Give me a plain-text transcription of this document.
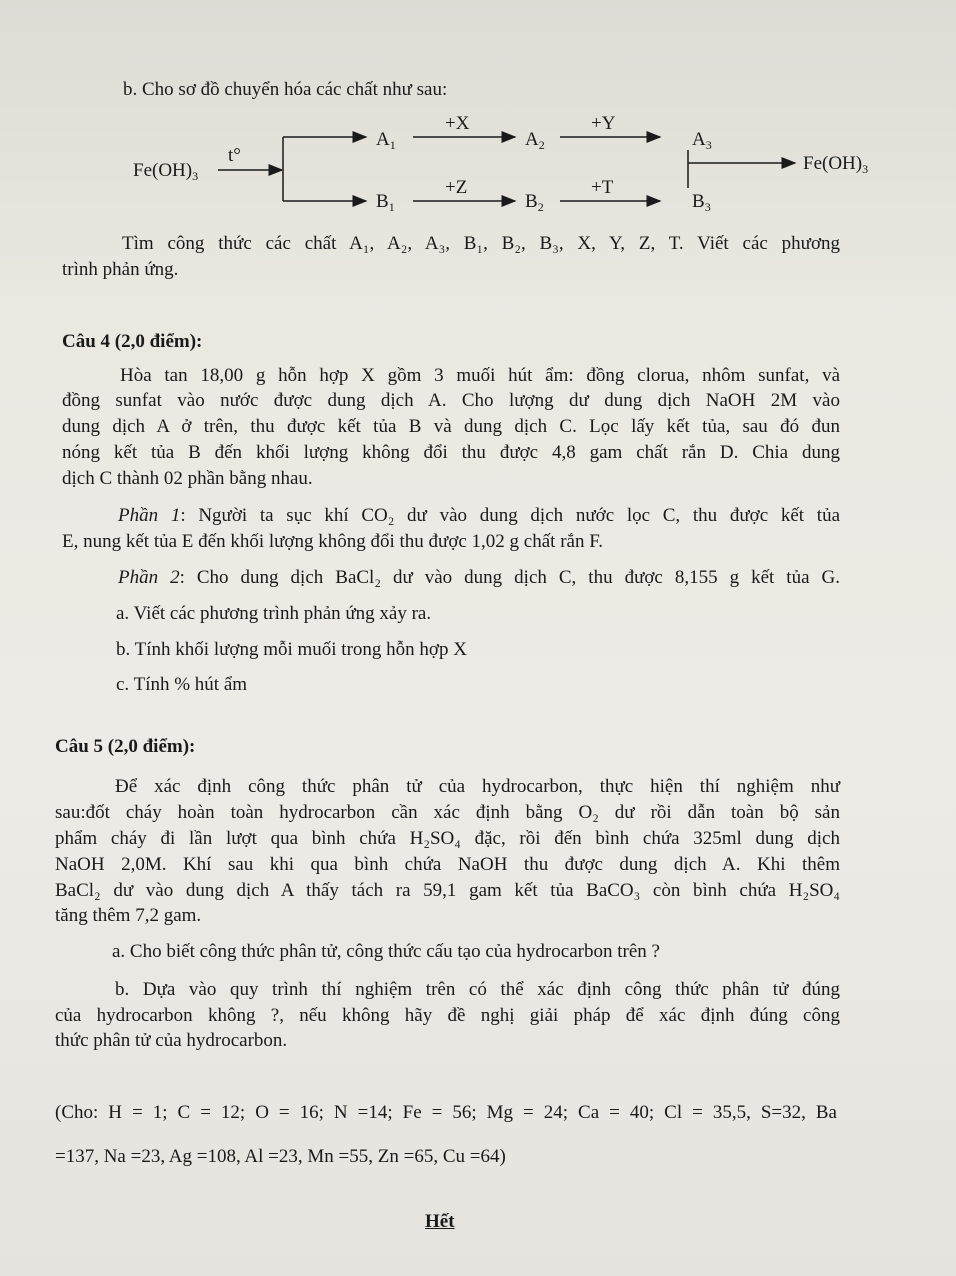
b. Cho sơ đồ chuyển hóa các chất như sau:
$Fe(OH)_3$
t°
$A_1$	$A_2$	$A_3$
$B_1$	$B_2$	$B_3$
+X	+Y
+Z	+T
$Fe(OH)_3$
Tìm công thức các chất A₁, A₂, A₃, B₁, B₂, B₃, X, Y, Z, T. Viết các phương
trình phản ứng.
Câu 4 (2,0 điểm):
Hòa tan 18,00 g hỗn hợp X gồm 3 muối hút ẩm: đồng clorua, nhôm sunfat, và
đồng sunfat vào nước được dung dịch A. Cho lượng dư dung dịch NaOH 2M vào
dung dịch A ở trên, thu được kết tủa B và dung dịch C. Lọc lấy kết tủa, sau đó đun
nóng kết tủa B đến khối lượng không đổi thu được 4,8 gam chất rắn D. Chia dung
dịch C thành 02 phần bằng nhau.
Phần 1: Người ta sục khí CO₂ dư vào dung dịch nước lọc C, thu được kết tủa
E, nung kết tủa E đến khối lượng không đổi thu được 1,02 g chất rắn F.
Phần 2: Cho dung dịch BaCl₂ dư vào dung dịch C, thu được 8,155 g kết tủa G.
a. Viết các phương trình phản ứng xảy ra.
b. Tính khối lượng mỗi muối trong hỗn hợp X
c. Tính % hút ẩm
Câu 5 (2,0 điểm):
Để xác định công thức phân tử của hydrocarbon, thực hiện thí nghiệm như
sau:đốt cháy hoàn toàn hydrocarbon cần xác định bằng O₂ dư rồi dẫn toàn bộ sản
phẩm cháy đi lần lượt qua bình chứa H₂SO₄ đặc, rồi đến bình chứa 325ml dung dịch
NaOH 2,0M. Khí sau khi qua bình chứa NaOH thu được dung dịch A. Khi thêm
BaCl₂ dư vào dung dịch A thấy tách ra 59,1 gam kết tủa BaCO₃ còn bình chứa H₂SO₄
tăng thêm 7,2 gam.
a. Cho biết công thức phân tử, công thức cấu tạo của hydrocarbon trên ?
b. Dựa vào quy trình thí nghiệm trên có thể xác định công thức phân tử đúng
của hydrocarbon không ?, nếu không hãy đề nghị giải pháp để xác định đúng công
thức phân tử của hydrocarbon.
(Cho: H = 1; C = 12; O = 16; N =14; Fe = 56; Mg = 24; Ca = 40; Cl = 35,5, S=32, Ba
=137, Na =23, Ag =108, Al =23, Mn =55, Zn =65, Cu =64)
Hết
